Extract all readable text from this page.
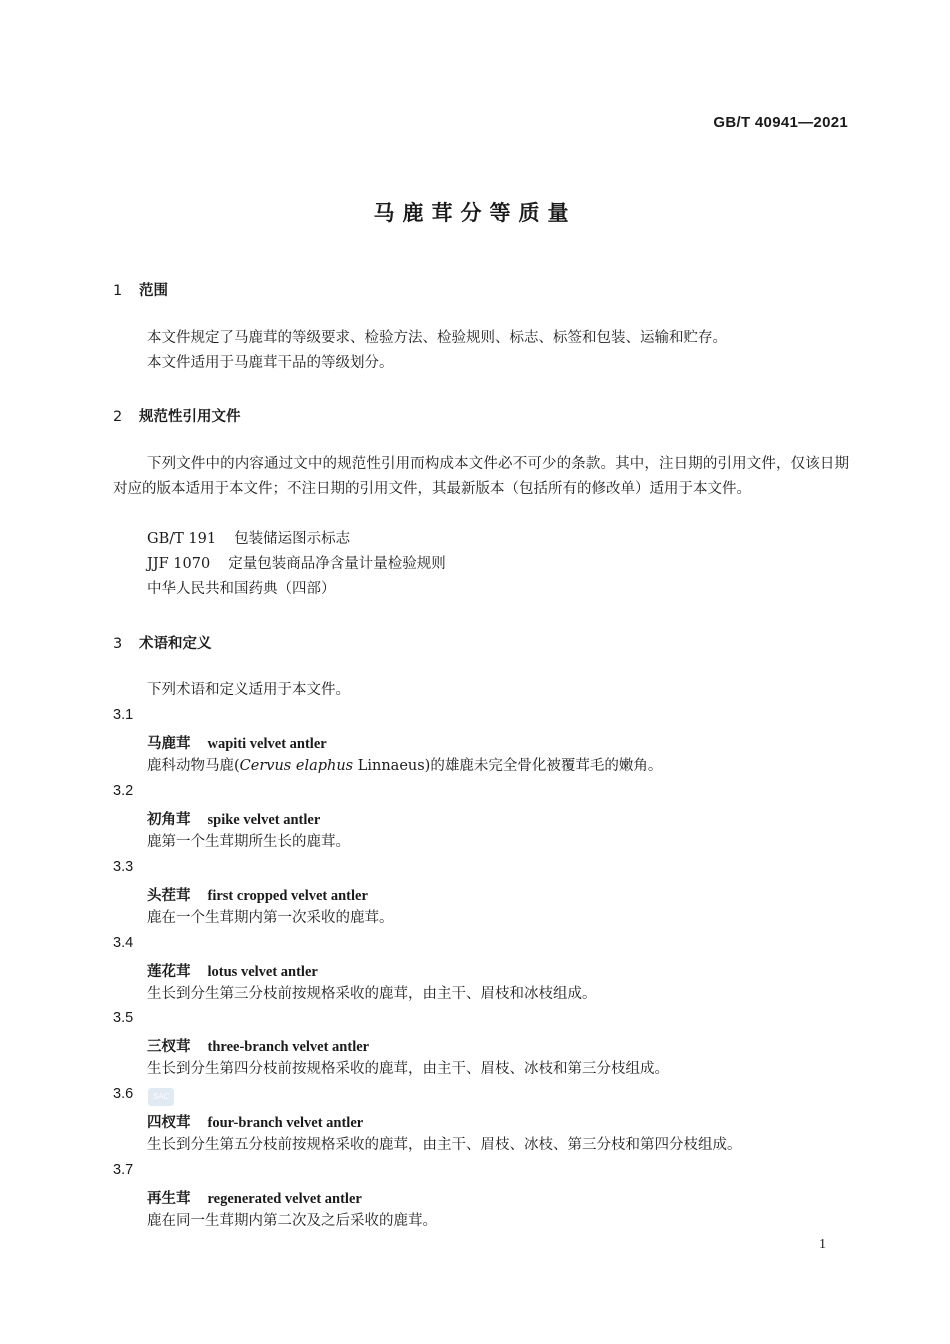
GB/T 40941—2021
马鹿茸分等质量
1 范围
本文件规定了马鹿茸的等级要求、检验方法、检验规则、标志、标签和包装、运输和贮存。
本文件适用于马鹿茸干品的等级划分。
2 规范性引用文件
下列文件中的内容通过文中的规范性引用而构成本文件必不可少的条款。其中，注日期的引用文件，仅该日期对应的版本适用于本文件；不注日期的引用文件，其最新版本（包括所有的修改单）适用于本文件。
GB/T 191 包装储运图示标志
JJF 1070 定量包装商品净含量计量检验规则
中华人民共和国药典（四部）
3 术语和定义
下列术语和定义适用于本文件。
3.1
马鹿茸 wapiti velvet antler
鹿科动物马鹿(Cervus elaphus Linnaeus)的雄鹿未完全骨化被覆茸毛的嫩角。
3.2
初角茸 spike velvet antler
鹿第一个生茸期所生长的鹿茸。
3.3
头茬茸 first cropped velvet antler
鹿在一个生茸期内第一次采收的鹿茸。
3.4
莲花茸 lotus velvet antler
生长到分生第三分枝前按规格采收的鹿茸，由主干、眉枝和冰枝组成。
3.5
三杈茸 three-branch velvet antler
生长到分生第四分枝前按规格采收的鹿茸，由主干、眉枝、冰枝和第三分枝组成。
3.6	SAC
四杈茸 four-branch velvet antler
生长到分生第五分枝前按规格采收的鹿茸，由主干、眉枝、冰枝、第三分枝和第四分枝组成。
3.7
再生茸 regenerated velvet antler
鹿在同一生茸期内第二次及之后采收的鹿茸。
1
